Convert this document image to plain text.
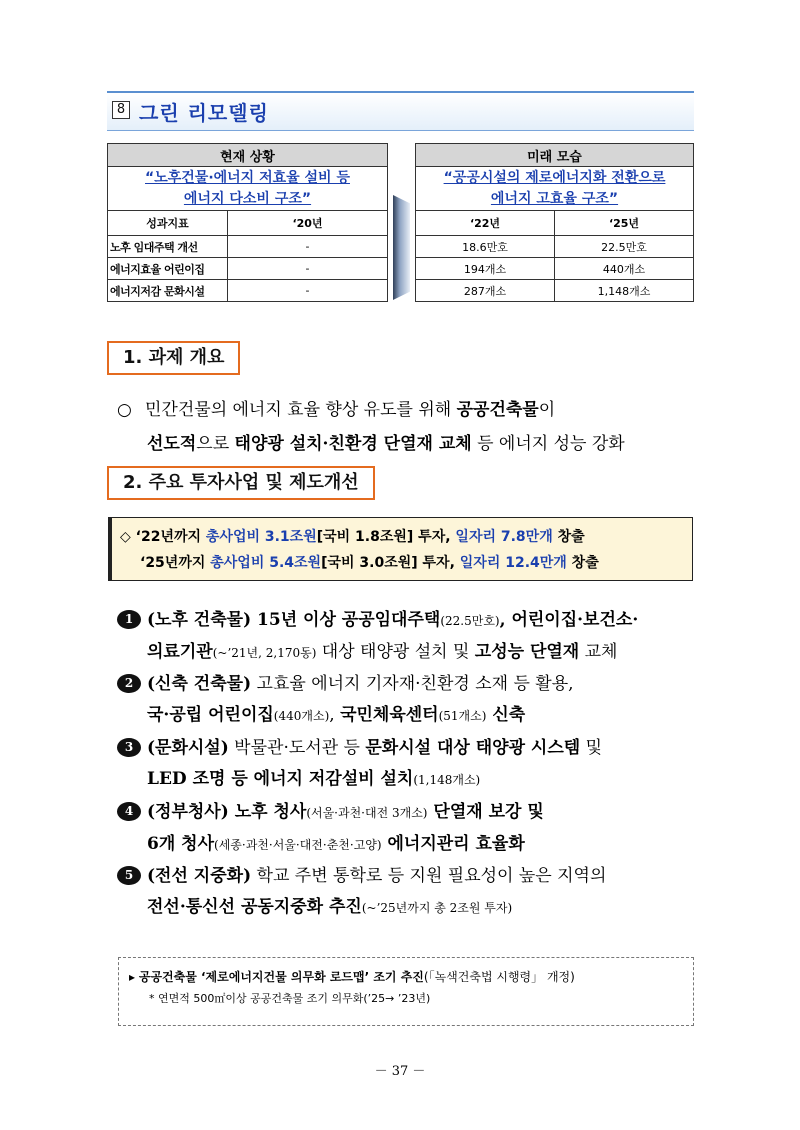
8 그린 리모델링
현재 상황	
“노후건물·에너지 저효율 설비 등
에너지 다소비 구조”	
성과지표	‘20년
노후 임대주택 개선	-
에너지효율 어린이집	-
에너지저감 문화시설	-
미래 모습	
“공공시설의 제로에너지화 전환으로
에너지 고효율 구조”	
‘22년	‘25년
18.6만호	22.5만호
194개소	440개소
287개소	1,148개소
1. 과제 개요
○ 민간건물의 에너지 효율 향상 유도를 위해 공공건축물이
선도적으로 태양광 설치·친환경 단열재 교체 등 에너지 성능 강화
2. 주요 투자사업 및 제도개선
◇ ‘22년까지 총사업비 3.1조원[국비 1.8조원] 투자, 일자리 7.8만개 창출
‘25년까지 총사업비 5.4조원[국비 3.0조원] 투자, 일자리 12.4만개 창출
1 (노후 건축물) 15년 이상 공공임대주택(22.5만호), 어린이집·보건소·
의료기관(~’21년, 2,170동) 대상 태양광 설치 및 고성능 단열재 교체
2 (신축 건축물) 고효율 에너지 기자재·친환경 소재 등 활용,
국·공립 어린이집(440개소), 국민체육센터(51개소) 신축
3 (문화시설) 박물관·도서관 등 문화시설 대상 태양광 시스템 및
LED 조명 등 에너지 저감설비 설치(1,148개소)
4 (정부청사) 노후 청사(서울·과천·대전 3개소) 단열재 보강 및
6개 청사(세종·과천·서울·대전·춘천·고양) 에너지관리 효율화
5 (전선 지중화) 학교 주변 통학로 등 지원 필요성이 높은 지역의
전선·통신선 공동지중화 추진(~’25년까지 총 2조원 투자)
▸ 공공건축물 ‘제로에너지건물 의무화 로드맵’ 조기 추진(「녹색건축법 시행령」 개정)
* 연면적 500㎡이상 공공건축물 조기 의무화(’25→ ’23년)
－ 37 －
